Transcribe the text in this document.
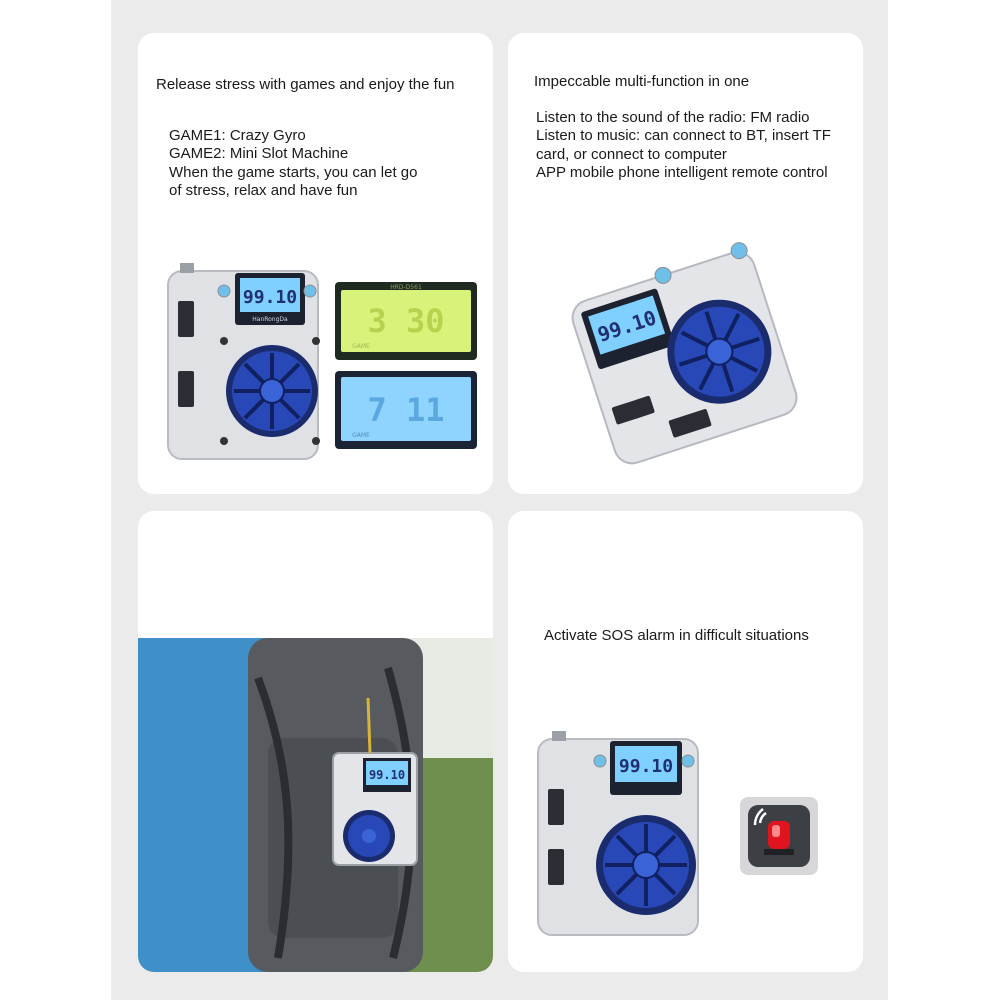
Release stress with games and enjoy the fun
GAME1: Crazy Gyro
GAME2: Mini Slot Machine
When the game starts, you can let go
of stress, relax and have fun
99.10
HanRongDa
HRD-D561
3 30
GAME
7 11
GAME
Impeccable multi-function in one
Listen to the sound of the radio: FM radio
Listen to music: can connect to BT, insert TF
card, or connect to computer
APP mobile phone intelligent remote control
99.10
99.10
Activate SOS alarm in difficult situations
99.10
